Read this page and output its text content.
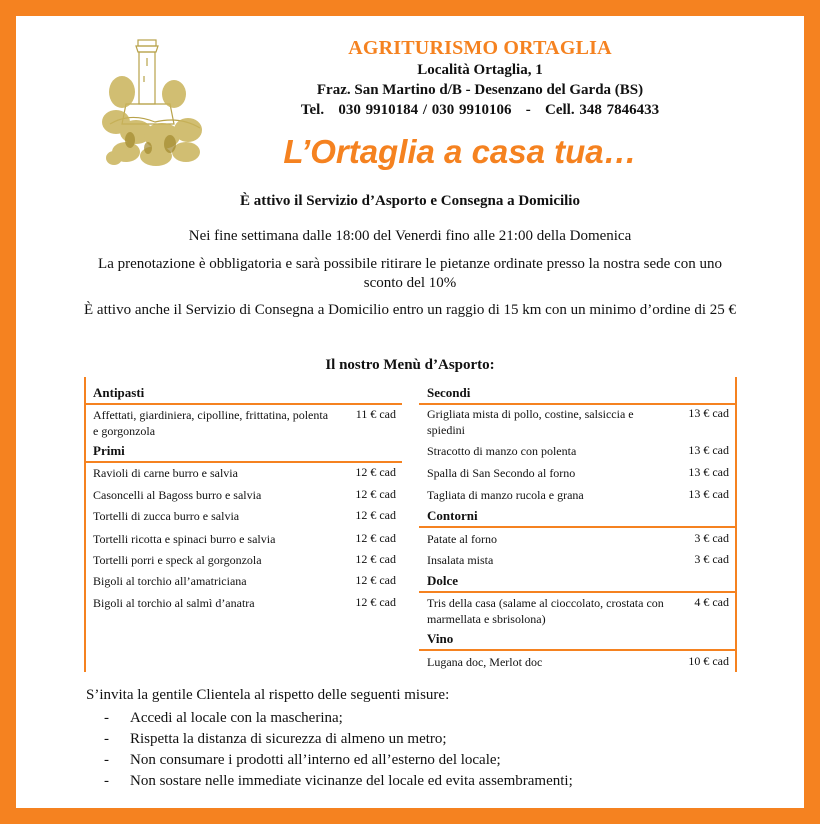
AGRITURISMO ORTAGLIA
Località Ortaglia, 1
Fraz. San Martino d/B - Desenzano del Garda (BS)
Tel.   030 9910184 / 030 9910106   -   Cell. 348 7846433
L’Ortaglia a casa tua…
È attivo il Servizio d’Asporto e Consegna a Domicilio
Nei fine settimana dalle 18:00 del Venerdi fino alle 21:00 della Domenica
La prenotazione è obbligatoria e sarà possibile ritirare le pietanze ordinate presso la nostra sede con uno sconto del 10%
È attivo anche il Servizio di Consegna a Domicilio entro un raggio di 15 km con un minimo d’ordine di 25 €
Il nostro Menù d’Asporto:
Antipasti
Affettati, giardiniera, cipolline, frittatina, polenta e gorgonzola
11 € cad
Primi
Ravioli di carne burro e salvia	12 € cad
Casoncelli al Bagoss burro e salvia	12 € cad
Tortelli di zucca burro e salvia	12 € cad
Tortelli ricotta e spinaci burro e salvia	12 € cad
Tortelli porri e speck al gorgonzola	12 € cad
Bigoli al torchio all’amatriciana	12 € cad
Bigoli al torchio al salmì d’anatra	12 € cad
Secondi
Grigliata mista di pollo, costine, salsiccia e spiedini
13 € cad
Stracotto di manzo con polenta	13 € cad
Spalla di San Secondo al forno	13 € cad
Tagliata di manzo rucola e grana	13 € cad
Contorni
Patate al forno	3 € cad
Insalata mista	3 € cad
Dolce
Tris della casa (salame al cioccolato, crostata con marmellata e sbrisolona)
4 € cad
Vino
Lugana doc, Merlot doc	10 € cad
S’invita la gentile Clientela al rispetto delle seguenti misure:
- Accedi al locale con la mascherina;
- Rispetta la distanza di sicurezza di almeno un metro;
- Non consumare i prodotti all’interno ed all’esterno del locale;
- Non sostare nelle immediate vicinanze del locale ed evita assembramenti;
